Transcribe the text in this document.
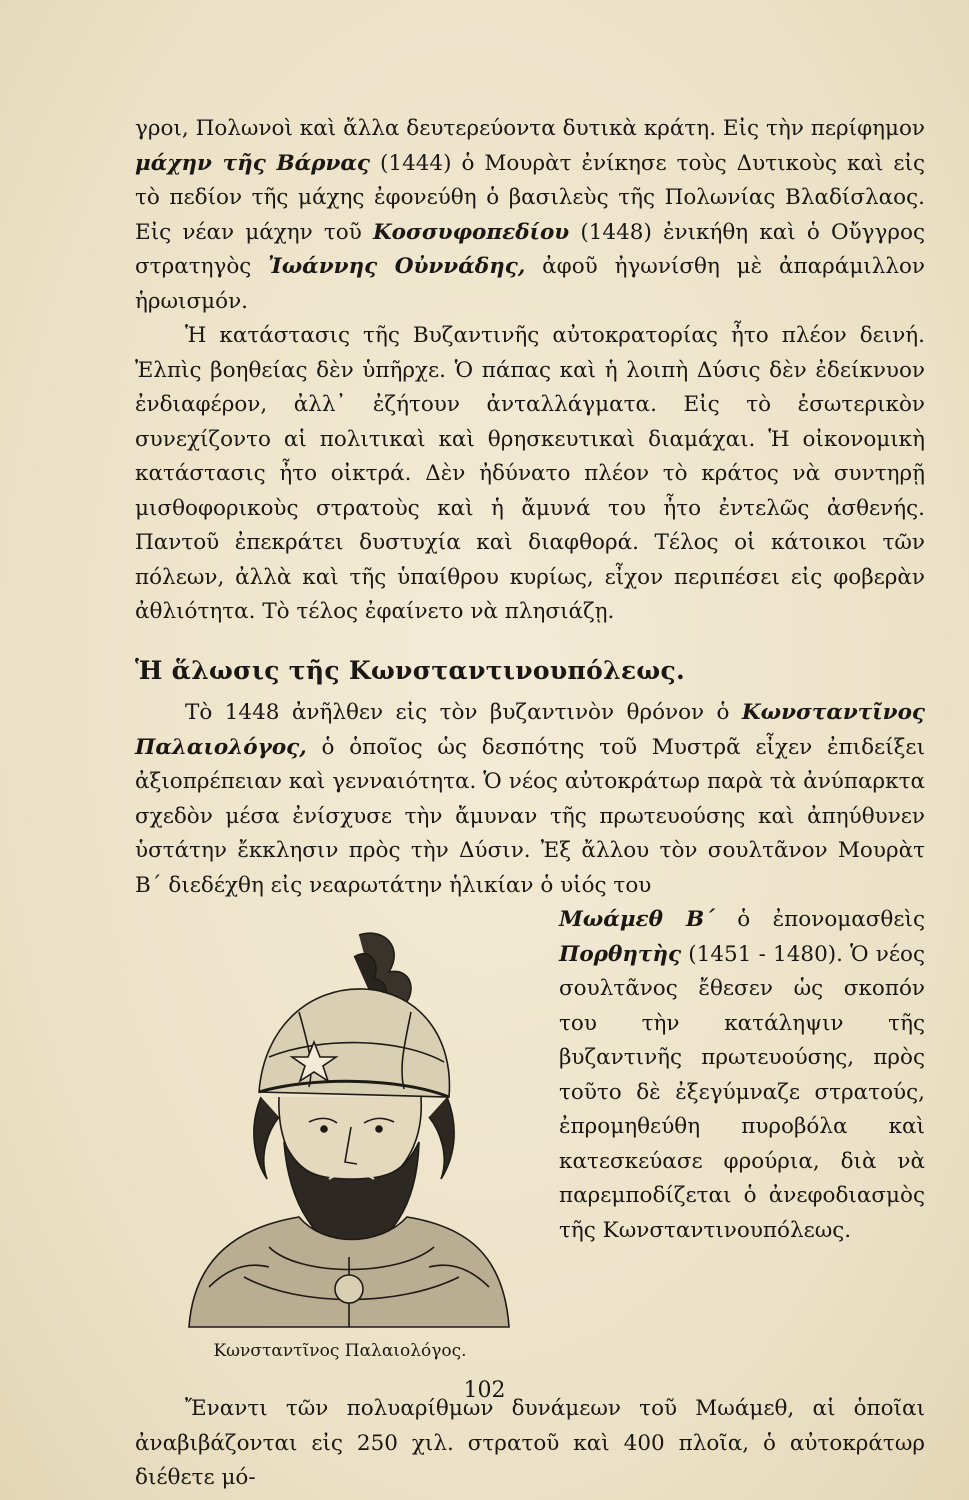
γροι, Πολωνοὶ καὶ ἄλλα δευτερεύοντα δυτικὰ κράτη. Εἰς τὴν περίφημον μάχην τῆς Βάρνας (1444) ὁ Μουρὰτ ἐνίκησε τοὺς Δυτικοὺς καὶ εἰς τὸ πεδίον τῆς μάχης ἐφονεύθη ὁ βασιλεὺς τῆς Πολωνίας Βλαδίσλαος. Εἰς νέαν μάχην τοῦ Κοσσυφοπεδίου (1448) ἐνικήθη καὶ ὁ Οὔγγρος στρατηγὸς Ἰωάννης Οὐννάδης, ἀφοῦ ἠγωνίσθη μὲ ἀπαράμιλλον ἡρωισμόν.

Ἡ κατάστασις τῆς Βυζαντινῆς αὐτοκρατορίας ἦτο πλέον δεινή. Ἐλπὶς βοηθείας δὲν ὑπῆρχε. Ὁ πάπας καὶ ἡ λοιπὴ Δύσις δὲν ἐδείκνυον ἐνδιαφέρον, ἀλλ᾽ ἐζήτουν ἀνταλλάγματα. Εἰς τὸ ἐσωτερικὸν συνεχίζοντο αἱ πολιτικαὶ καὶ θρησκευτικαὶ διαμάχαι. Ἡ οἰκονομικὴ κατάστασις ἦτο οἰκτρά. Δὲν ἠδύνατο πλέον τὸ κράτος νὰ συντηρῇ μισθοφορικοὺς στρατοὺς καὶ ἡ ἄμυνά του ἦτο ἐντελῶς ἀσθενής. Παντοῦ ἐπεκράτει δυστυχία καὶ διαφθορά. Τέλος οἱ κάτοικοι τῶν πόλεων, ἀλλὰ καὶ τῆς ὑπαίθρου κυρίως, εἶχον περιπέσει εἰς φοβερὰν ἀθλιότητα. Τὸ τέλος ἐφαίνετο νὰ πλησιάζῃ.

Ἡ ἅλωσις τῆς Κωνσταντινουπόλεως.

Τὸ 1448 ἀνῆλθεν εἰς τὸν βυζαντινὸν θρόνον ὁ Κωνσταντῖνος Παλαιολόγος, ὁ ὁποῖος ὡς δεσπότης τοῦ Μυστρᾶ εἶχεν ἐπιδείξει ἀξιοπρέπειαν καὶ γενναιότητα. Ὁ νέος αὐτοκράτωρ παρὰ τὰ ἀνύπαρκτα σχεδὸν μέσα ἐνίσχυσε τὴν ἄμυναν τῆς πρωτευούσης καὶ ἀπηύθυνεν ὑστάτην ἔκκλησιν πρὸς τὴν Δύσιν. Ἐξ ἄλλου τὸν σουλτᾶνον Μουρὰτ Β΄ διεδέχθη εἰς νεαρωτάτην ἡλικίαν ὁ υἱός του

Κωνσταντῖνος Παλαιολόγος.

Μωάμεθ Β΄ ὁ ἐπονομασθεὶς Πορθητὴς (1451 - 1480). Ὁ νέος σουλτᾶνος ἔθεσεν ὡς σκοπόν του τὴν κατάληψιν τῆς βυζαντινῆς πρωτευούσης, πρὸς τοῦτο δὲ ἐξεγύμναζε στρατούς, ἐπρομηθεύθη πυροβόλα καὶ κατεσκεύασε φρούρια, διὰ νὰ παρεμποδίζεται ὁ ἀνεφοδιασμὸς τῆς Κωνσταντινουπόλεως.

Ἔναντι τῶν πολυαρίθμων δυνάμεων τοῦ Μωάμεθ, αἱ ὁποῖαι ἀναβιβάζονται εἰς 250 χιλ. στρατοῦ καὶ 400 πλοῖα, ὁ αὐτοκράτωρ διέθετε μό-

102
